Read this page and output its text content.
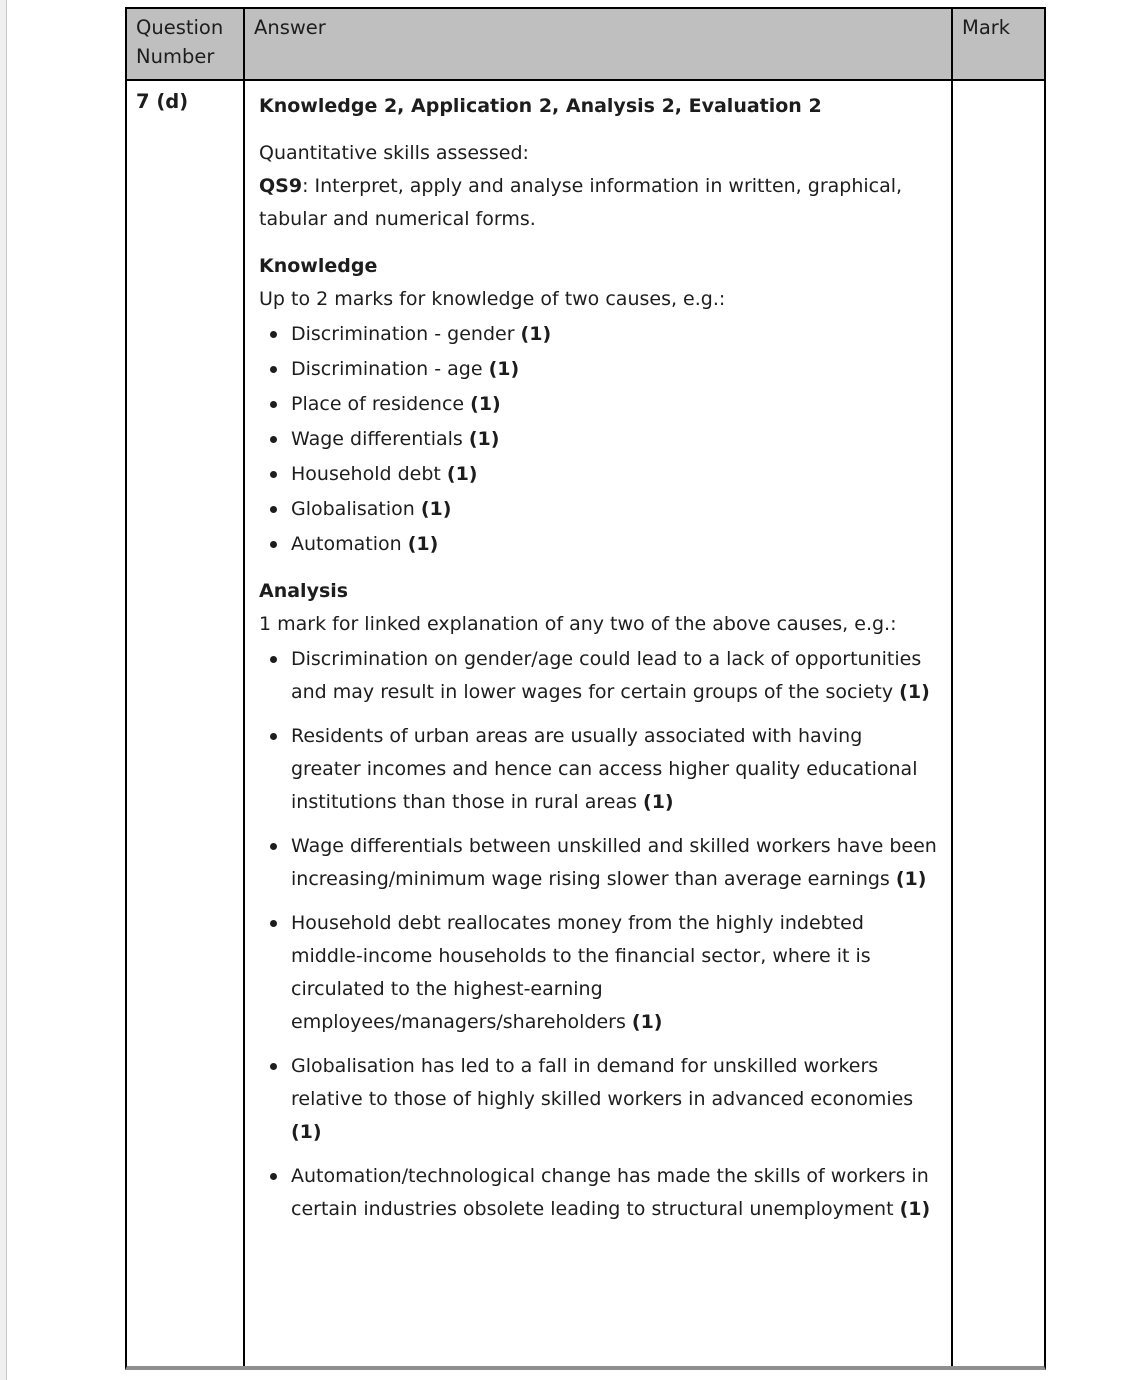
Question Number
Answer	Mark
7 (d)	Knowledge 2, Application 2, Analysis 2, Evaluation 2

Quantitative skills assessed:

QS9: Interpret, apply and analyse information in written, graphical, tabular and numerical forms.

Knowledge

Up to 2 marks for knowledge of two causes, e.g.:

Discrimination - gender (1)
Discrimination - age (1)
Place of residence (1)
Wage differentials (1)
Household debt (1)
Globalisation (1)
Automation (1)

Analysis

1 mark for linked explanation of any two of the above causes, e.g.:

Discrimination on gender/age could lead to a lack of opportunities and may result in lower wages for certain groups of the society (1)
Residents of urban areas are usually associated with having greater incomes and hence can access higher quality educational institutions than those in rural areas (1)
Wage differentials between unskilled and skilled workers have been increasing/minimum wage rising slower than average earnings (1)
Household debt reallocates money from the highly indebted middle-income households to the financial sector, where it is circulated to the highest-earning employees/managers/shareholders (1)
Globalisation has led to a fall in demand for unskilled workers relative to those of highly skilled workers in advanced economies (1)
Automation/technological change has made the skills of workers in certain industries obsolete leading to structural unemployment (1)
